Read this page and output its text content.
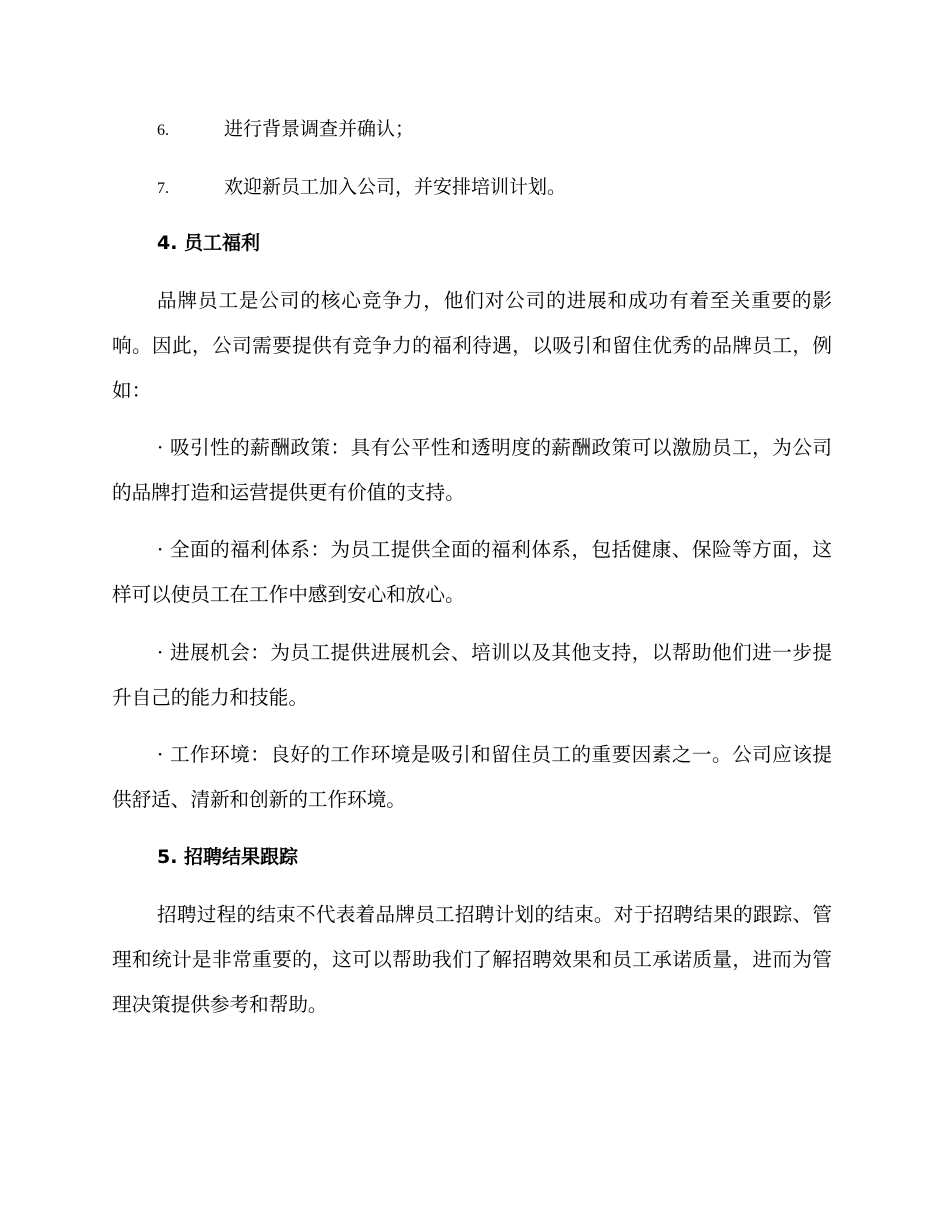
6.	进行背景调查并确认；
7.	欢迎新员工加入公司，并安排培训计划。
4. 员工福利

品牌员工是公司的核心竞争力，他们对公司的进展和成功有着至关重要的影响。因此，公司需要提供有竞争力的福利待遇，以吸引和留住优秀的品牌员工，例如：

· 吸引性的薪酬政策：具有公平性和透明度的薪酬政策可以激励员工，为公司的品牌打造和运营提供更有价值的支持。

· 全面的福利体系：为员工提供全面的福利体系，包括健康、保险等方面，这样可以使员工在工作中感到安心和放心。

· 进展机会：为员工提供进展机会、培训以及其他支持，以帮助他们进一步提升自己的能力和技能。

· 工作环境：良好的工作环境是吸引和留住员工的重要因素之一。公司应该提供舒适、清新和创新的工作环境。

5. 招聘结果跟踪

招聘过程的结束不代表着品牌员工招聘计划的结束。对于招聘结果的跟踪、管理和统计是非常重要的，这可以帮助我们了解招聘效果和员工承诺质量，进而为管理决策提供参考和帮助。
